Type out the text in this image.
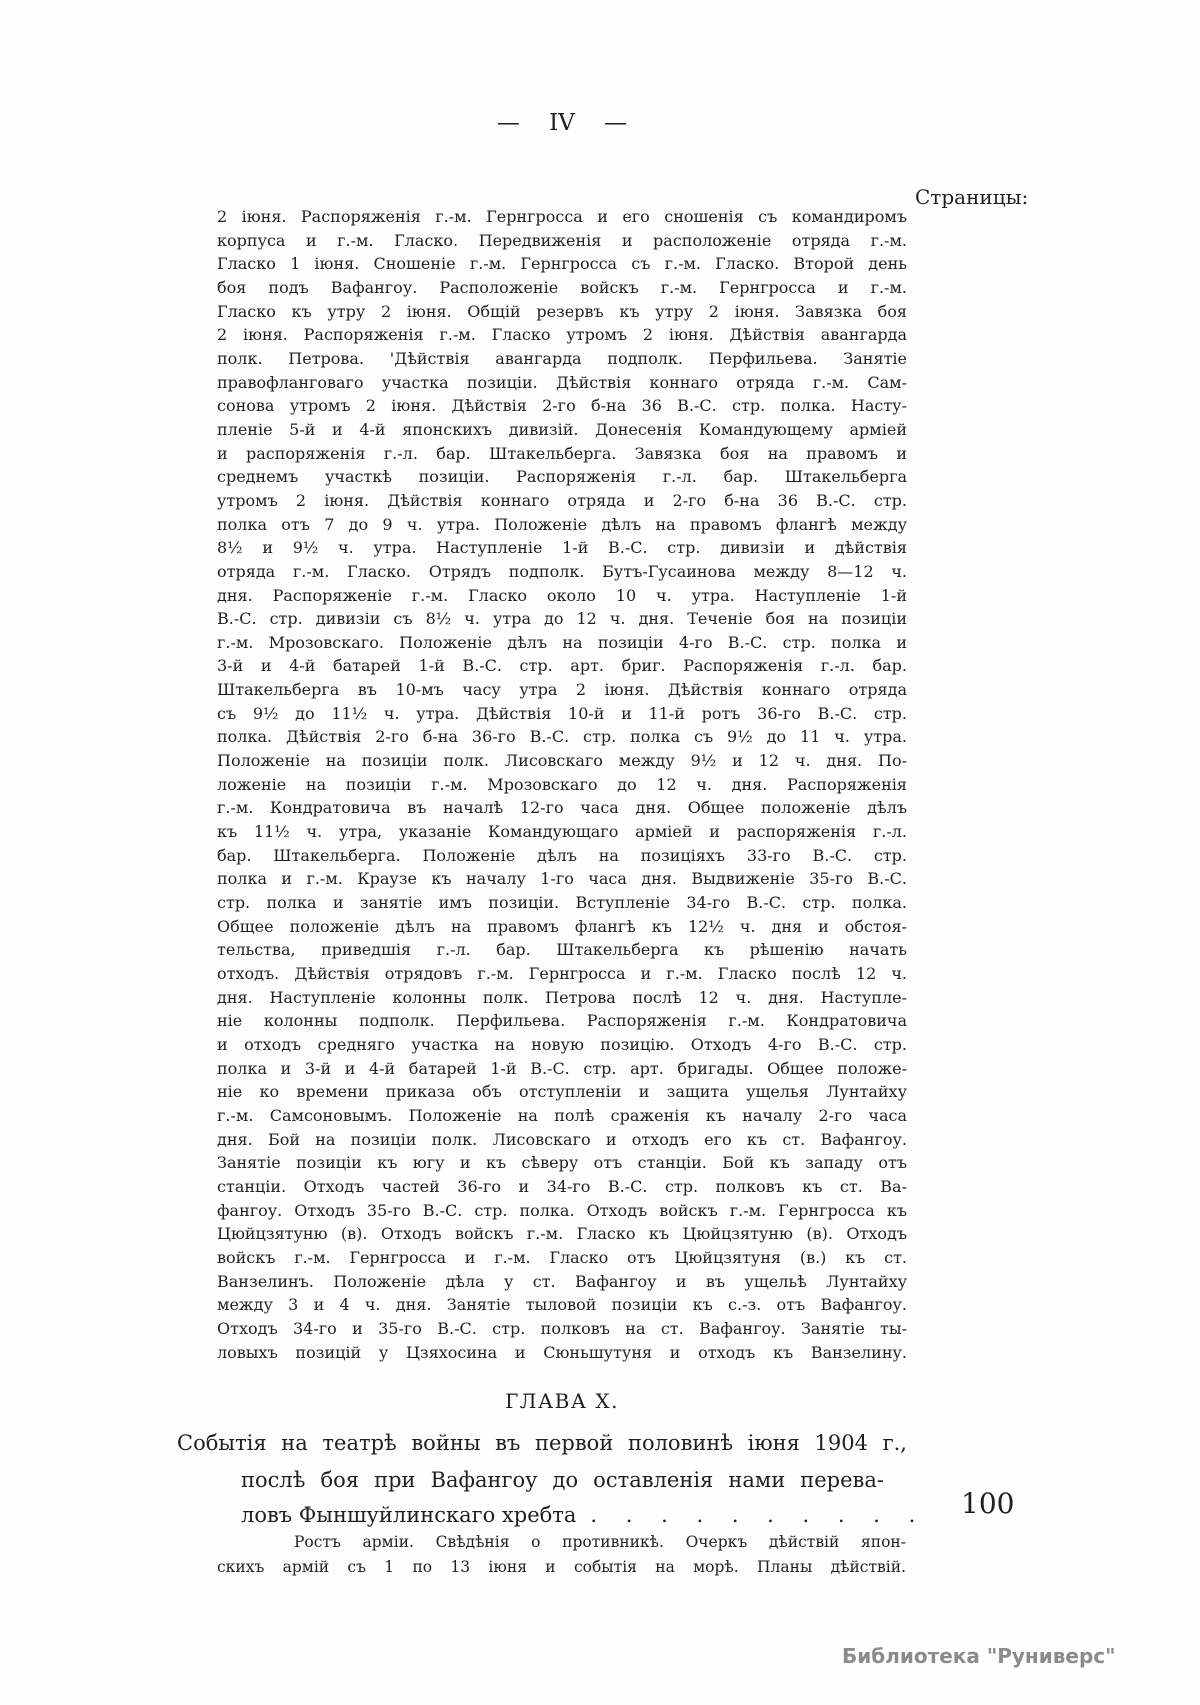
— IV —
Страницы:
2 іюня. Распоряженія г.-м. Гернгросса и его сношенія съ командиромъ
корпуса и г.-м. Гласко. Передвиженія и расположеніе отряда г.-м.
Гласко 1 іюня. Сношеніе г.-м. Гернгросса съ г.-м. Гласко. Второй день
боя подъ Вафангоу. Расположеніе войскъ г.-м. Гернгросса и г.-м.
Гласко къ утру 2 іюня. Общій резервъ къ утру 2 іюня. Завязка боя
2 іюня. Распоряженія г.-м. Гласко утромъ 2 іюня. Дѣйствія авангарда
полк. Петрова. 'Дѣйствія авангарда подполк. Перфильева. Занятіе
правофланговаго участка позиціи. Дѣйствія коннаго отряда г.-м. Сам-
сонова утромъ 2 іюня. Дѣйствія 2-го б-на 36 В.-С. стр. полка. Насту-
пленіе 5-й и 4-й японскихъ дивизій. Донесенія Командующему арміей
и распоряженія г.-л. бар. Штакельберга. Завязка боя на правомъ и
среднемъ участкѣ позиціи. Распоряженія г.-л. бар. Штакельберга
утромъ 2 іюня. Дѣйствія коннаго отряда и 2-го б-на 36 В.-С. стр.
полка отъ 7 до 9 ч. утра. Положеніе дѣлъ на правомъ флангѣ между
8½ и 9½ ч. утра. Наступленіе 1-й В.-С. стр. дивизіи и дѣйствія
отряда г.-м. Гласко. Отрядъ подполк. Бутъ-Гусаинова между 8—12 ч.
дня. Распоряженіе г.-м. Гласко около 10 ч. утра. Наступленіе 1-й
В.-С. стр. дивизіи съ 8½ ч. утра до 12 ч. дня. Теченіе боя на позиціи
г.-м. Мрозовскаго. Положеніе дѣлъ на позиціи 4-го В.-С. стр. полка и
3-й и 4-й батарей 1-й В.-С. стр. арт. бриг. Распоряженія г.-л. бар.
Штакельберга въ 10-мъ часу утра 2 іюня. Дѣйствія коннаго отряда
съ 9½ до 11½ ч. утра. Дѣйствія 10-й и 11-й ротъ 36-го В.-С. стр.
полка. Дѣйствія 2-го б-на 36-го В.-С. стр. полка съ 9½ до 11 ч. утра.
Положеніе на позиціи полк. Лисовскаго между 9½ и 12 ч. дня. По-
ложеніе на позиціи г.-м. Мрозовскаго до 12 ч. дня. Распоряженія
г.-м. Кондратовича въ началѣ 12-го часа дня. Общее положеніе дѣлъ
къ 11½ ч. утра, указаніе Командующаго арміей и распоряженія г.-л.
бар. Штакельберга. Положеніе дѣлъ на позиціяхъ 33-го В.-С. стр.
полка и г.-м. Краузе къ началу 1-го часа дня. Выдвиженіе 35-го В.-С.
стр. полка и занятіе имъ позиціи. Вступленіе 34-го В.-С. стр. полка.
Общее положеніе дѣлъ на правомъ флангѣ къ 12½ ч. дня и обстоя-
тельства, приведшія г.-л. бар. Штакельберга къ рѣшенію начать
отходъ. Дѣйствія отрядовъ г.-м. Гернгросса и г.-м. Гласко послѣ 12 ч.
дня. Наступленіе колонны полк. Петрова послѣ 12 ч. дня. Наступле-
ніе колонны подполк. Перфильева. Распоряженія г.-м. Кондратовича
и отходъ средняго участка на новую позицію. Отходъ 4-го В.-С. стр.
полка и 3-й и 4-й батарей 1-й В.-С. стр. арт. бригады. Общее положе-
ніе ко времени приказа объ отступленіи и защита ущелья Лунтайху
г.-м. Самсоновымъ. Положеніе на полѣ сраженія къ началу 2-го часа
дня. Бой на позиціи полк. Лисовскаго и отходъ его къ ст. Вафангоу.
Занятіе позиціи къ югу и къ сѣверу отъ станціи. Бой къ западу отъ
станціи. Отходъ частей 36-го и 34-го В.-С. стр. полковъ къ ст. Ва-
фангоу. Отходъ 35-го В.-С. стр. полка. Отходъ войскъ г.-м. Гернгросса къ
Цюйцзятуню (в). Отходъ войскъ г.-м. Гласко къ Цюйцзятуню (в). Отходъ
войскъ г.-м. Гернгросса и г.-м. Гласко отъ Цюйцзятуня (в.) къ ст.
Ванзелинъ. Положеніе дѣла у ст. Вафангоу и въ ущельѣ Лунтайху
между 3 и 4 ч. дня. Занятіе тыловой позиціи къ с.-з. отъ Вафангоу.
Отходъ 34-го и 35-го В.-С. стр. полковъ на ст. Вафангоу. Занятіе ты-
ловыхъ позицій у Цзяхосина и Сюньшутуня и отходъ къ Ванзелину.
ГЛАВА X.
Событія на театрѣ войны въ первой половинѣ іюня 1904 г.,
послѣ боя при Вафангоу до оставленія нами перева-
ловъ Фыншуйлинскаго хребта . . . . . . . . . . 100
Ростъ арміи. Свѣдѣнія о противникѣ. Очеркъ дѣйствій япон-
скихъ армій съ 1 по 13 іюня и событія на морѣ. Планы дѣйствій.
Библиотека "Руниверс"
